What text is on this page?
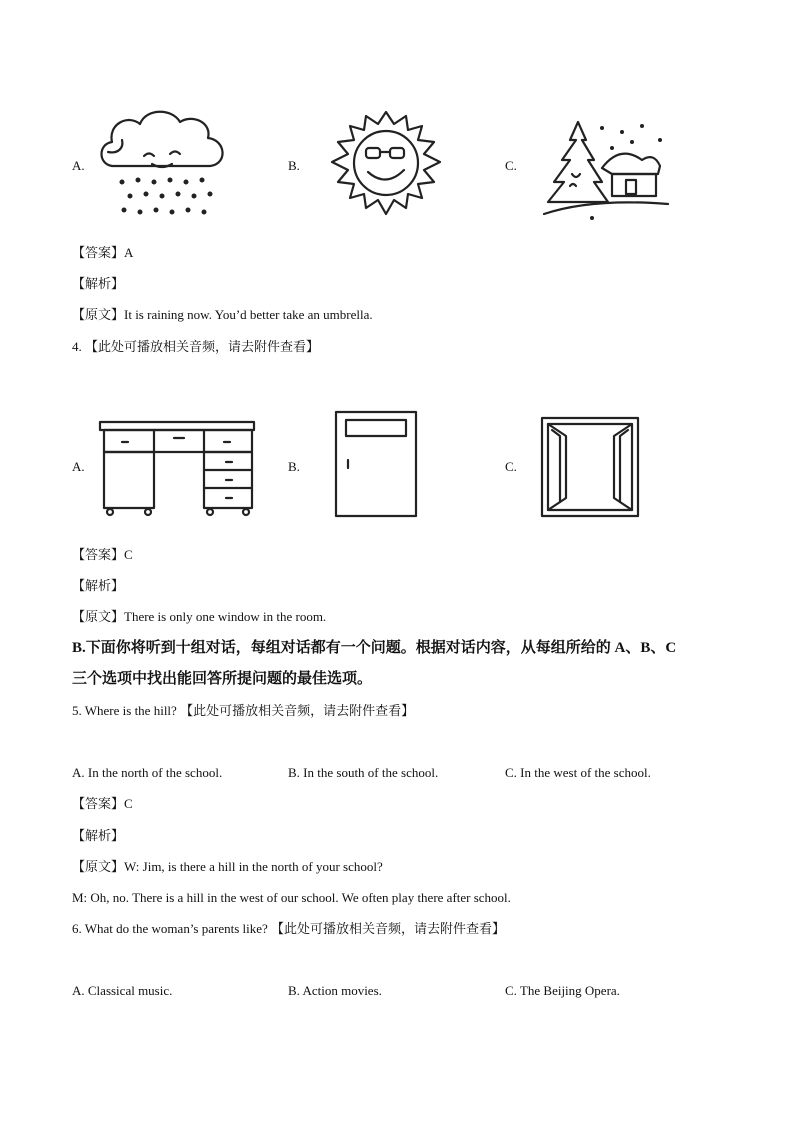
A.	B.	C.
【答案】A
【解析】
【原文】It is raining now. You’d better take an umbrella.
4. 【此处可播放相关音频，请去附件查看】
A.	B.	C.
【答案】C
【解析】
【原文】There is only one window in the room.
B.下面你将听到十组对话，每组对话都有一个问题。根据对话内容，从每组所给的 A、B、C
三个选项中找出能回答所提问题的最佳选项。
5. Where is the hill? 【此处可播放相关音频，请去附件查看】
A. In the north of the school.	B. In the south of the school.	C. In the west of the school.
【答案】C
【解析】
【原文】W: Jim, is there a hill in the north of your school?
M: Oh, no. There is a hill in the west of our school. We often play there after school.
6. What do the woman’s parents like? 【此处可播放相关音频，请去附件查看】
A. Classical music.	B. Action movies.	C. The Beijing Opera.
